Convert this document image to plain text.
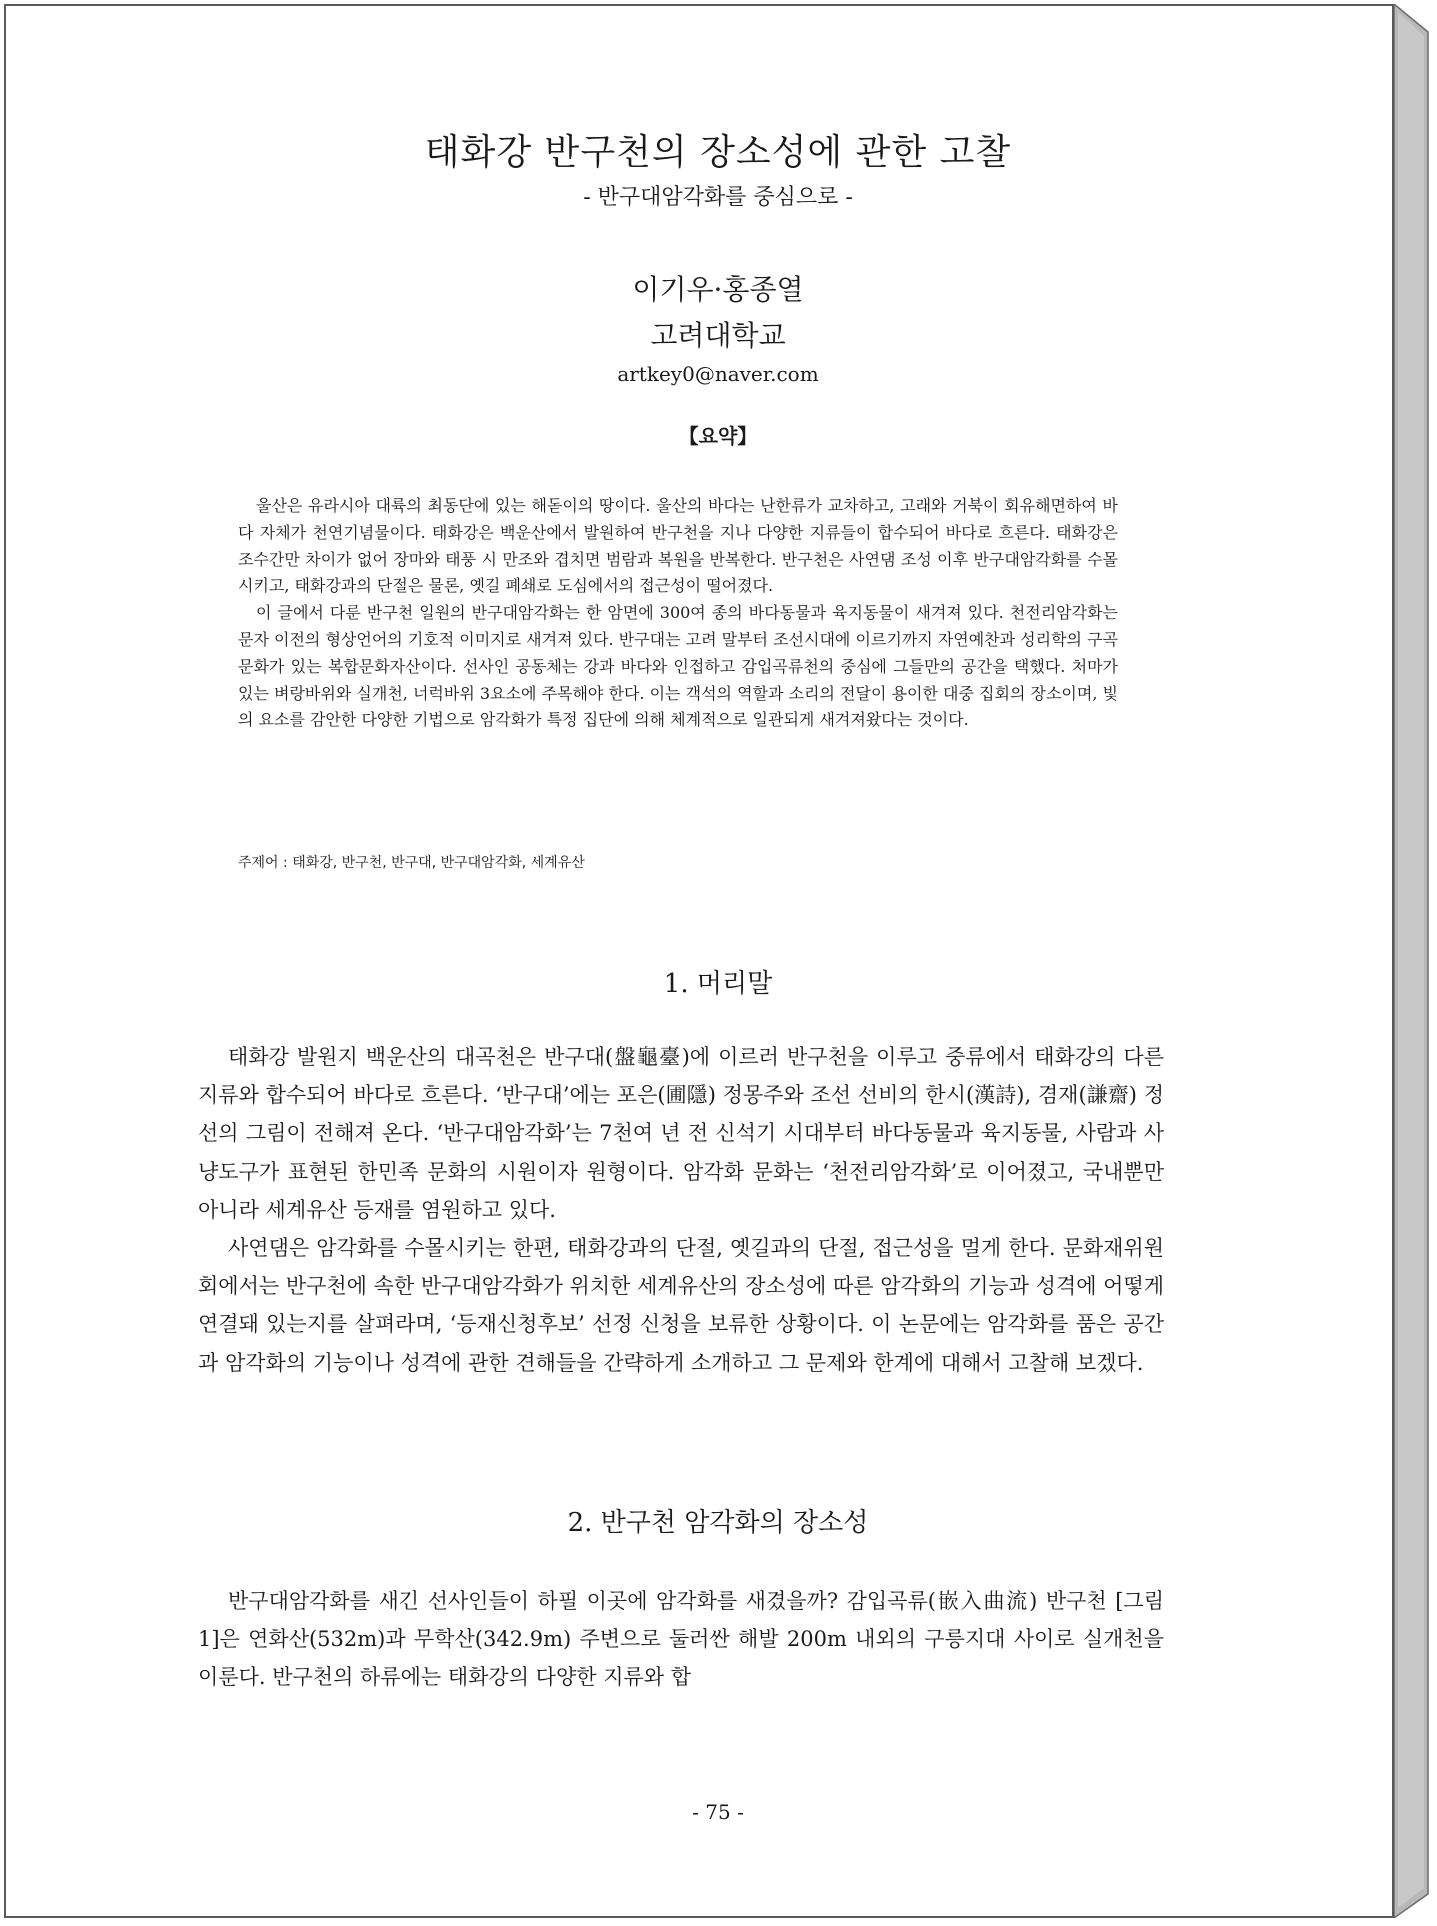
태화강 반구천의 장소성에 관한 고찰
- 반구대암각화를 중심으로 -
이기우·홍종열
고려대학교
artkey0@naver.com
【요약】

울산은 유라시아 대륙의 최동단에 있는 해돋이의 땅이다. 울산의 바다는 난한류가 교차하고, 고래와 거북이 회유해면하여 바다 자체가 천연기념물이다. 태화강은 백운산에서 발원하여 반구천을 지나 다양한 지류들이 합수되어 바다로 흐른다. 태화강은 조수간만 차이가 없어 장마와 태풍 시 만조와 겹치면 범람과 복원을 반복한다. 반구천은 사연댐 조성 이후 반구대암각화를 수몰시키고, 태화강과의 단절은 물론, 옛길 폐쇄로 도심에서의 접근성이 떨어졌다.

이 글에서 다룬 반구천 일원의 반구대암각화는 한 암면에 300여 종의 바다동물과 육지동물이 새겨져 있다. 천전리암각화는 문자 이전의 형상언어의 기호적 이미지로 새겨져 있다. 반구대는 고려 말부터 조선시대에 이르기까지 자연예찬과 성리학의 구곡문화가 있는 복합문화자산이다. 선사인 공동체는 강과 바다와 인접하고 감입곡류천의 중심에 그들만의 공간을 택했다. 처마가 있는 벼랑바위와 실개천, 너럭바위 3요소에 주목해야 한다. 이는 객석의 역할과 소리의 전달이 용이한 대중 집회의 장소이며, 빛의 요소를 감안한 다양한 기법으로 암각화가 특정 집단에 의해 체계적으로 일관되게 새겨져왔다는 것이다.

주제어 : 태화강, 반구천, 반구대, 반구대암각화, 세계유산
1. 머리말

태화강 발원지 백운산의 대곡천은 반구대(盤龜臺)에 이르러 반구천을 이루고 중류에서 태화강의 다른 지류와 합수되어 바다로 흐른다. ‘반구대’에는 포은(圃隱) 정몽주와 조선 선비의 한시(漢詩), 겸재(謙齋) 정선의 그림이 전해져 온다. ‘반구대암각화’는 7천여 년 전 신석기 시대부터 바다동물과 육지동물, 사람과 사냥도구가 표현된 한민족 문화의 시원이자 원형이다. 암각화 문화는 ‘천전리암각화’로 이어졌고, 국내뿐만 아니라 세계유산 등재를 염원하고 있다.

사연댐은 암각화를 수몰시키는 한편, 태화강과의 단절, 옛길과의 단절, 접근성을 멀게 한다. 문화재위원회에서는 반구천에 속한 반구대암각화가 위치한 세계유산의 장소성에 따른 암각화의 기능과 성격에 어떻게 연결돼 있는지를 살펴라며, ‘등재신청후보’ 선정 신청을 보류한 상황이다. 이 논문에는 암각화를 품은 공간과 암각화의 기능이나 성격에 관한 견해들을 간략하게 소개하고 그 문제와 한계에 대해서 고찰해 보겠다.

2. 반구천 암각화의 장소성

반구대암각화를 새긴 선사인들이 하필 이곳에 암각화를 새겼을까? 감입곡류(嵌入曲流) 반구천 [그림 1]은 연화산(532m)과 무학산(342.9m) 주변으로 둘러싼 해발 200m 내외의 구릉지대 사이로 실개천을 이룬다. 반구천의 하류에는 태화강의 다양한 지류와 합

- 75 -
